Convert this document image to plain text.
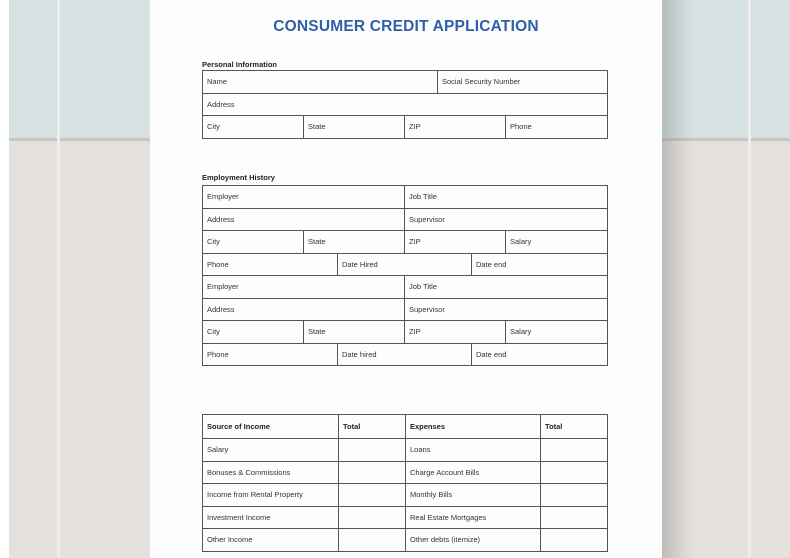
CONSUMER CREDIT APPLICATION
Personal Information
Name			Social Security Number	
Address				
City	State	ZIP		Phone
Employment History
Employer			Job Title		
Address			Supervisor		
City	State		ZIP		Salary
Phone		Date Hired		Date end	
Employer			Job Title		
Address			Supervisor		
City	State		ZIP		Salary
Phone		Date hired		Date end	
Source of Income	Total	Expenses	Total
Salary		Loans	
Bonuses & Commissions		Charge Account Bills	
Income from Rental Property		Monthly Bills	
Investment Income		Real Estate Mortgages	
Other Income		Other debts (itemize)	
